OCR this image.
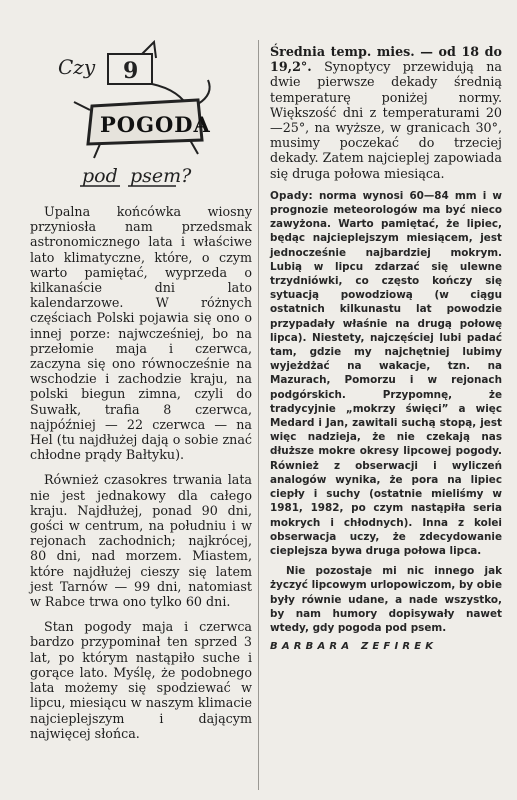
Czy 9
POGODA
pod psem?

Upalna końcówka wiosny przyniosła nam przedsmak astronomicznego lata i właściwe lato klimatyczne, które, o czym warto pamiętać, wyprzeda o kilkanaście dni lato kalendarzowe. W różnych częściach Polski pojawia się ono o innej porze: najwcześniej, bo na przełomie maja i czerwca, zaczyna się ono równocześnie na wschodzie i zachodzie kraju, na polski biegun zimna, czyli do Suwałk, trafia 8 czerwca, najpóźniej — 22 czerwca — na Hel (tu najdłużej dają o sobie znać chłodne prądy Bałtyku).

Również czasokres trwania lata nie jest jednakowy dla całego kraju. Najdłużej, ponad 90 dni, gości w centrum, na południu i w rejonach zachodnich; najkrócej, 80 dni, nad morzem. Miastem, które najdłużej cieszy się latem jest Tarnów — 99 dni, natomiast w Rabce trwa ono tylko 60 dni.

Stan pogody maja i czerwca bardzo przypominał ten sprzed 3 lat, po którym nastąpiło suche i gorące lato. Myślę, że podobnego lata możemy się spodziewać w lipcu, miesiącu w naszym klimacie najcieplejszym i dającym najwięcej słońca.

Średnia temp. mies. — od 18 do 19,2°. Synoptycy przewidują na dwie pierwsze dekady średnią temperaturę poniżej normy. Większość dni z temperaturami 20—25°, na wyższe, w granicach 30°, musimy poczekać do trzeciej dekady. Zatem najcieplej zapowiada się druga połowa miesiąca.

Opady: norma wynosi 60—84 mm i w prognozie meteorologów ma być nieco zawyżona. Warto pamiętać, że lipiec, będąc najcieplejszym miesiącem, jest jednocześnie najbardziej mokrym. Lubią w lipcu zdarzać się ulewne trzydniówki, co często kończy się sytuacją powodziową (w ciągu ostatnich kilkunastu lat powodzie przypadały właśnie na drugą połowę lipca). Niestety, najczęściej lubi padać tam, gdzie my najchętniej lubimy wyjeżdżać na wakacje, tzn. na Mazurach, Pomorzu i w rejonach podgórskich. Przypomnę, że tradycyjnie „mokrzy święci” a więc Medard i Jan, zawitali suchą stopą, jest więc nadzieja, że nie czekają nas dłuższe mokre okresy lipcowej pogody. Również z obserwacji i wyliczeń analogów wynika, że pora na lipiec ciepły i suchy (ostatnie mieliśmy w 1981, 1982, po czym nastąpiła seria mokrych i chłodnych). Inna z kolei obserwacja uczy, że zdecydowanie cieplejsza bywa druga połowa lipca.

Nie pozostaje mi nic innego jak życzyć lipcowym urlopowiczom, by obie były równie udane, a nade wszystko, by nam humory dopisywały nawet wtedy, gdy pogoda pod psem.

BARBARA ZEFIREK
